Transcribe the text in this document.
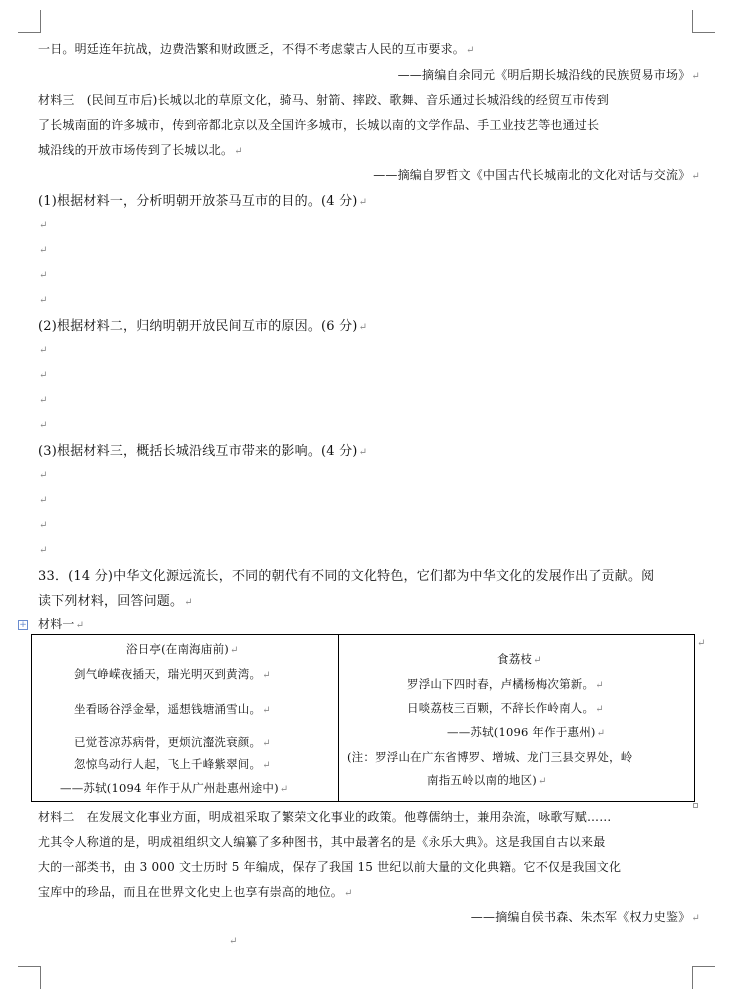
一日。明廷连年抗战，边费浩繁和财政匮乏，不得不考虑蒙古人民的互市要求。↵
——摘编自余同元《明后期长城沿线的民族贸易市场》↵
材料三　(民间互市后)长城以北的草原文化，骑马、射箭、摔跤、歌舞、音乐通过长城沿线的经贸互市传到
了长城南面的许多城市，传到帝都北京以及全国许多城市，长城以南的文学作品、手工业技艺等也通过长
城沿线的开放市场传到了长城以北。↵
——摘编自罗哲文《中国古代长城南北的文化对话与交流》↵
(1)根据材料一，分析明朝开放茶马互市的目的。(4 分)↵
↵
↵
↵
↵
(2)根据材料二，归纳明朝开放民间互市的原因。(6 分)↵
↵
↵
↵
↵
(3)根据材料三，概括长城沿线互市带来的影响。(4 分)↵
↵
↵
↵
↵
33．(14 分)中华文化源远流长，不同的朝代有不同的文化特色，它们都为中华文化的发展作出了贡献。阅
读下列材料，回答问题。↵
+ 材料一↵
浴日亭(在南海庙前)↵
剑气峥嵘夜插天，瑞光明灭到黄湾。↵
坐看旸谷浮金晕，遥想钱塘涌雪山。↵
已觉苍凉苏病骨，更烦沆瀣洗衰颜。↵
忽惊鸟动行人起，飞上千峰紫翠间。↵
——苏轼(1094 年作于从广州赴惠州途中)↵
食荔枝↵
罗浮山下四时春，卢橘杨梅次第新。↵
日啖荔枝三百颗，不辞长作岭南人。↵
——苏轼(1096 年作于惠州)↵
(注：罗浮山在广东省博罗、增城、龙门三县交界处，岭
南指五岭以南的地区)↵
↵
材料二　在发展文化事业方面，明成祖采取了繁荣文化事业的政策。他尊儒纳士，兼用杂流，咏歌写赋……
尤其令人称道的是，明成祖组织文人编纂了多种图书，其中最著名的是《永乐大典》。这是我国自古以来最
大的一部类书，由 3 000 文士历时 5 年编成，保存了我国 15 世纪以前大量的文化典籍。它不仅是我国文化
宝库中的珍品，而且在世界文化史上也享有崇高的地位。↵
——摘编自侯书森、朱杰军《权力史鉴》↵
↵
